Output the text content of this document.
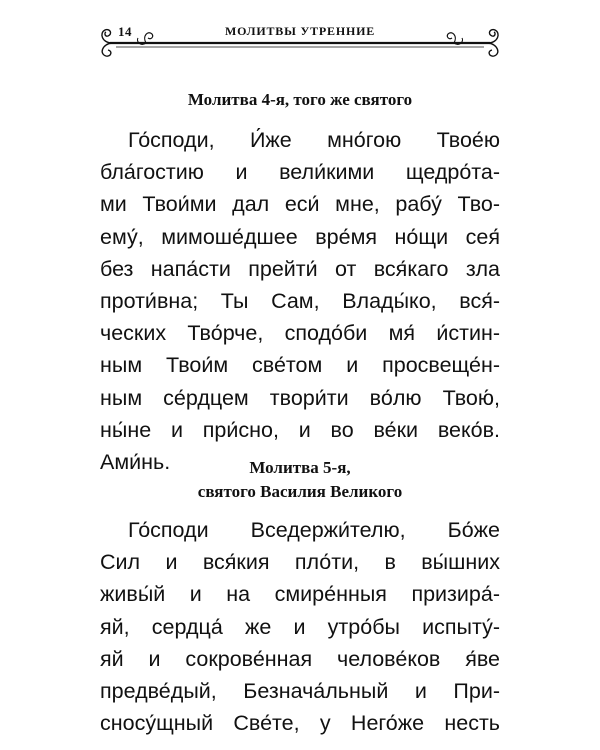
14	МОЛИТВЫ УТРЕННИЕ
Молитва 4-я, того же святого
Го́споди, И́же мно́гою Твое́ю
бла́гостию и вели́кими щедро́та-
ми Твои́ми дал еси́ мне, рабу́ Тво-
ему́, мимоше́дшее вре́мя но́щи сея́
без напа́сти прейти́ от вся́каго зла
проти́вна; Ты Сам, Влады́ко, вся́-
ческих Тво́рче, сподо́би мя́ и́стин-
ным Твои́м све́том и просвеще́н-
ным се́рдцем твори́ти во́лю Твою́,
ны́не и при́сно, и во ве́ки веко́в.
Ами́нь.	Молитва 5-я,
святого Василия Великого
Го́споди Вседержи́телю, Бо́же
Сил и вся́кия пло́ти, в вы́шних
живы́й и на смире́нныя призира́-
яй, сердца́ же и утро́бы испыту́-
яй и сокрове́нная челове́ков я́ве
предве́дый, Безнача́льный и При-
сносу́щный Све́те, у Него́же несть
